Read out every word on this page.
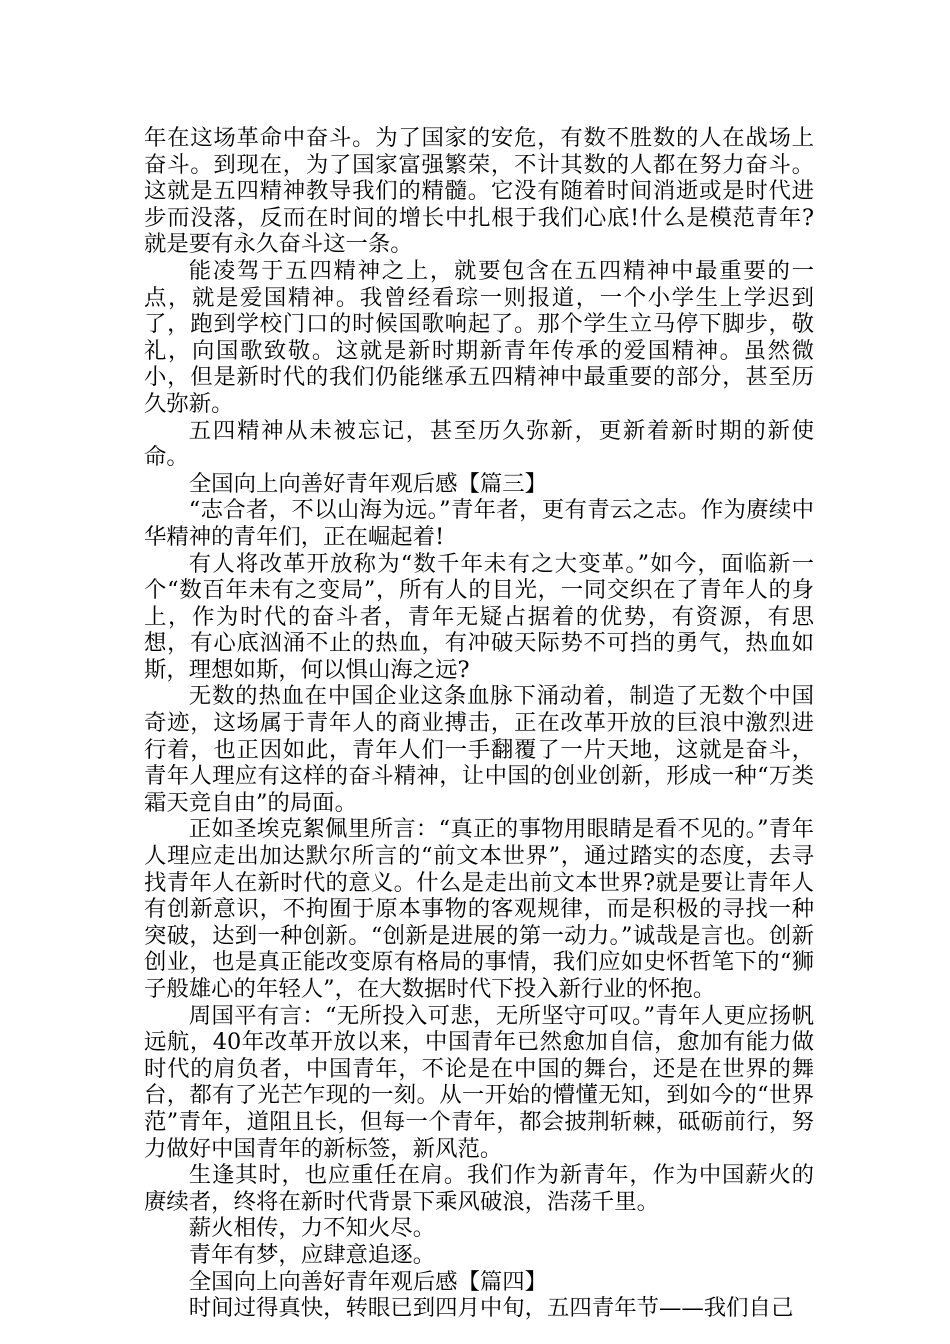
年在这场革命中奋斗。为了国家的安危，有数不胜数的人在战场上奋斗。到现在，为了国家富强繁荣，不计其数的人都在努力奋斗。这就是五四精神教导我们的精髓。它没有随着时间消逝或是时代进步而没落，反而在时间的增长中扎根于我们心底!什么是模范青年?就是要有永久奋斗这一条。

能凌驾于五四精神之上，就要包含在五四精神中最重要的一点，就是爱国精神。我曾经看琮一则报道，一个小学生上学迟到了，跑到学校门口的时候国歌响起了。那个学生立马停下脚步，敬礼，向国歌致敬。这就是新时期新青年传承的爱国精神。虽然微小，但是新时代的我们仍能继承五四精神中最重要的部分，甚至历久弥新。

五四精神从未被忘记，甚至历久弥新，更新着新时期的新使命。

全国向上向善好青年观后感【篇三】

“志合者，不以山海为远。”青年者，更有青云之志。作为赓续中华精神的青年们，正在崛起着!

有人将改革开放称为“数千年未有之大变革。”如今，面临新一个“数百年未有之变局”，所有人的目光，一同交织在了青年人的身上，作为时代的奋斗者，青年无疑占据着的优势，有资源，有思想，有心底汹涌不止的热血，有冲破天际势不可挡的勇气，热血如斯，理想如斯，何以惧山海之远?

无数的热血在中国企业这条血脉下涌动着，制造了无数个中国奇迹，这场属于青年人的商业搏击，正在改革开放的巨浪中激烈进行着，也正因如此，青年人们一手翻覆了一片天地，这就是奋斗，青年人理应有这样的奋斗精神，让中国的创业创新，形成一种“万类霜天竞自由”的局面。

正如圣埃克絮佩里所言：“真正的事物用眼睛是看不见的。”青年人理应走出加达默尔所言的“前文本世界”，通过踏实的态度，去寻找青年人在新时代的意义。什么是走出前文本世界?就是要让青年人有创新意识，不拘囿于原本事物的客观规律，而是积极的寻找一种突破，达到一种创新。“创新是进展的第一动力。”诚哉是言也。创新创业，也是真正能改变原有格局的事情，我们应如史怀哲笔下的“狮子般雄心的年轻人”，在大数据时代下投入新行业的怀抱。

周国平有言：“无所投入可悲，无所坚守可叹。”青年人更应扬帆远航，40年改革开放以来，中国青年已然愈加自信，愈加有能力做时代的肩负者，中国青年，不论是在中国的舞台，还是在世界的舞台，都有了光芒乍现的一刻。从一开始的懵懂无知，到如今的“世界范”青年，道阻且长，但每一个青年，都会披荆斩棘，砥砺前行，努力做好中国青年的新标签，新风范。

生逢其时，也应重任在肩。我们作为新青年，作为中国薪火的赓续者，终将在新时代背景下乘风破浪，浩荡千里。

薪火相传，力不知火尽。

青年有梦，应肆意追逐。

全国向上向善好青年观后感【篇四】

时间过得真快，转眼已到四月中旬，五四青年节——我们自己
